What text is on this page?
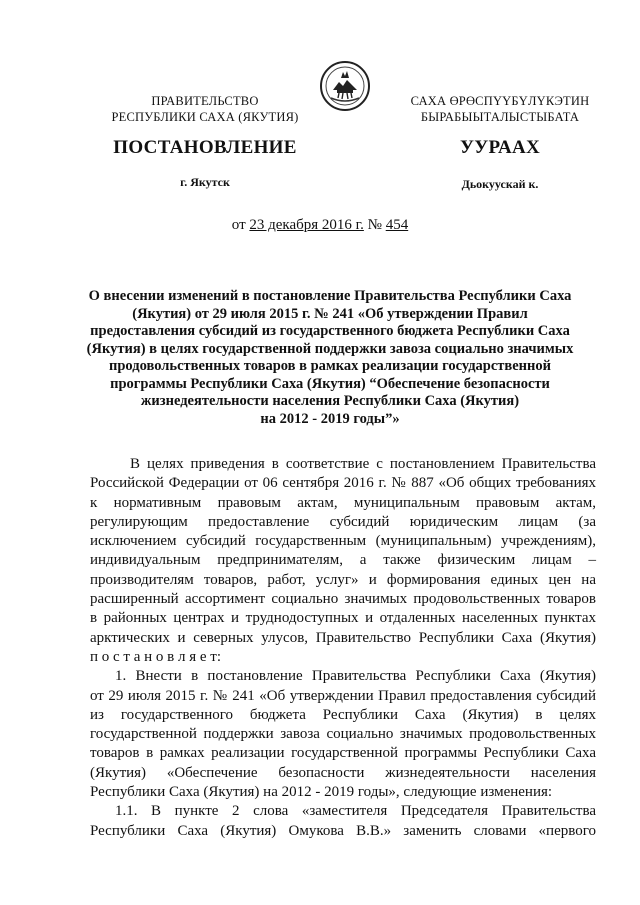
ПРАВИТЕЛЬСТВО
РЕСПУБЛИКИ САХА (ЯКУТИЯ)
САХА ӨРӨСПҮҮБҮЛҮКЭТИН
БЫРАБЫЫТАЛЫСТЫБАТА
ПОСТАНОВЛЕНИЕ	УУРААХ
г. Якутск	Дьокуускай к.
от 23 декабря 2016 г. № 454
О внесении изменений в постановление Правительства Республики Саха
(Якутия) от 29 июля 2015 г. № 241 «Об утверждении Правил
предоставления субсидий из государственного бюджета Республики Саха
(Якутия) в целях государственной поддержки завоза социально значимых
продовольственных товаров в рамках реализации государственной
программы Республики Саха (Якутия) “Обеспечение безопасности
жизнедеятельности населения Республики Саха (Якутия)
на 2012 - 2019 годы”»
В целях приведения в соответствие с постановлением Правительства
Российской Федерации от 06 сентября 2016 г. № 887 «Об общих требованиях
к нормативным правовым актам, муниципальным правовым актам,
регулирующим предоставление субсидий юридическим лицам (за
исключением субсидий государственным (муниципальным) учреждениям),
индивидуальным предпринимателям, а также физическим лицам –
производителям товаров, работ, услуг» и формирования единых цен на
расширенный ассортимент социально значимых продовольственных товаров
в районных центрах и труднодоступных и отдаленных населенных пунктах
арктических и северных улусов, Правительство Республики Саха (Якутия)
п о с т а н о в л я е т:
1. Внести в постановление Правительства Республики Саха (Якутия)
от 29 июля 2015 г. № 241 «Об утверждении Правил предоставления субсидий
из государственного бюджета Республики Саха (Якутия) в целях
государственной поддержки завоза социально значимых продовольственных
товаров в рамках реализации государственной программы Республики Саха
(Якутия) «Обеспечение безопасности жизнедеятельности населения
Республики Саха (Якутия) на 2012 - 2019 годы», следующие изменения:
1.1. В пункте 2 слова «заместителя Председателя Правительства
Республики Саха (Якутия) Омукова В.В.» заменить словами «первого
